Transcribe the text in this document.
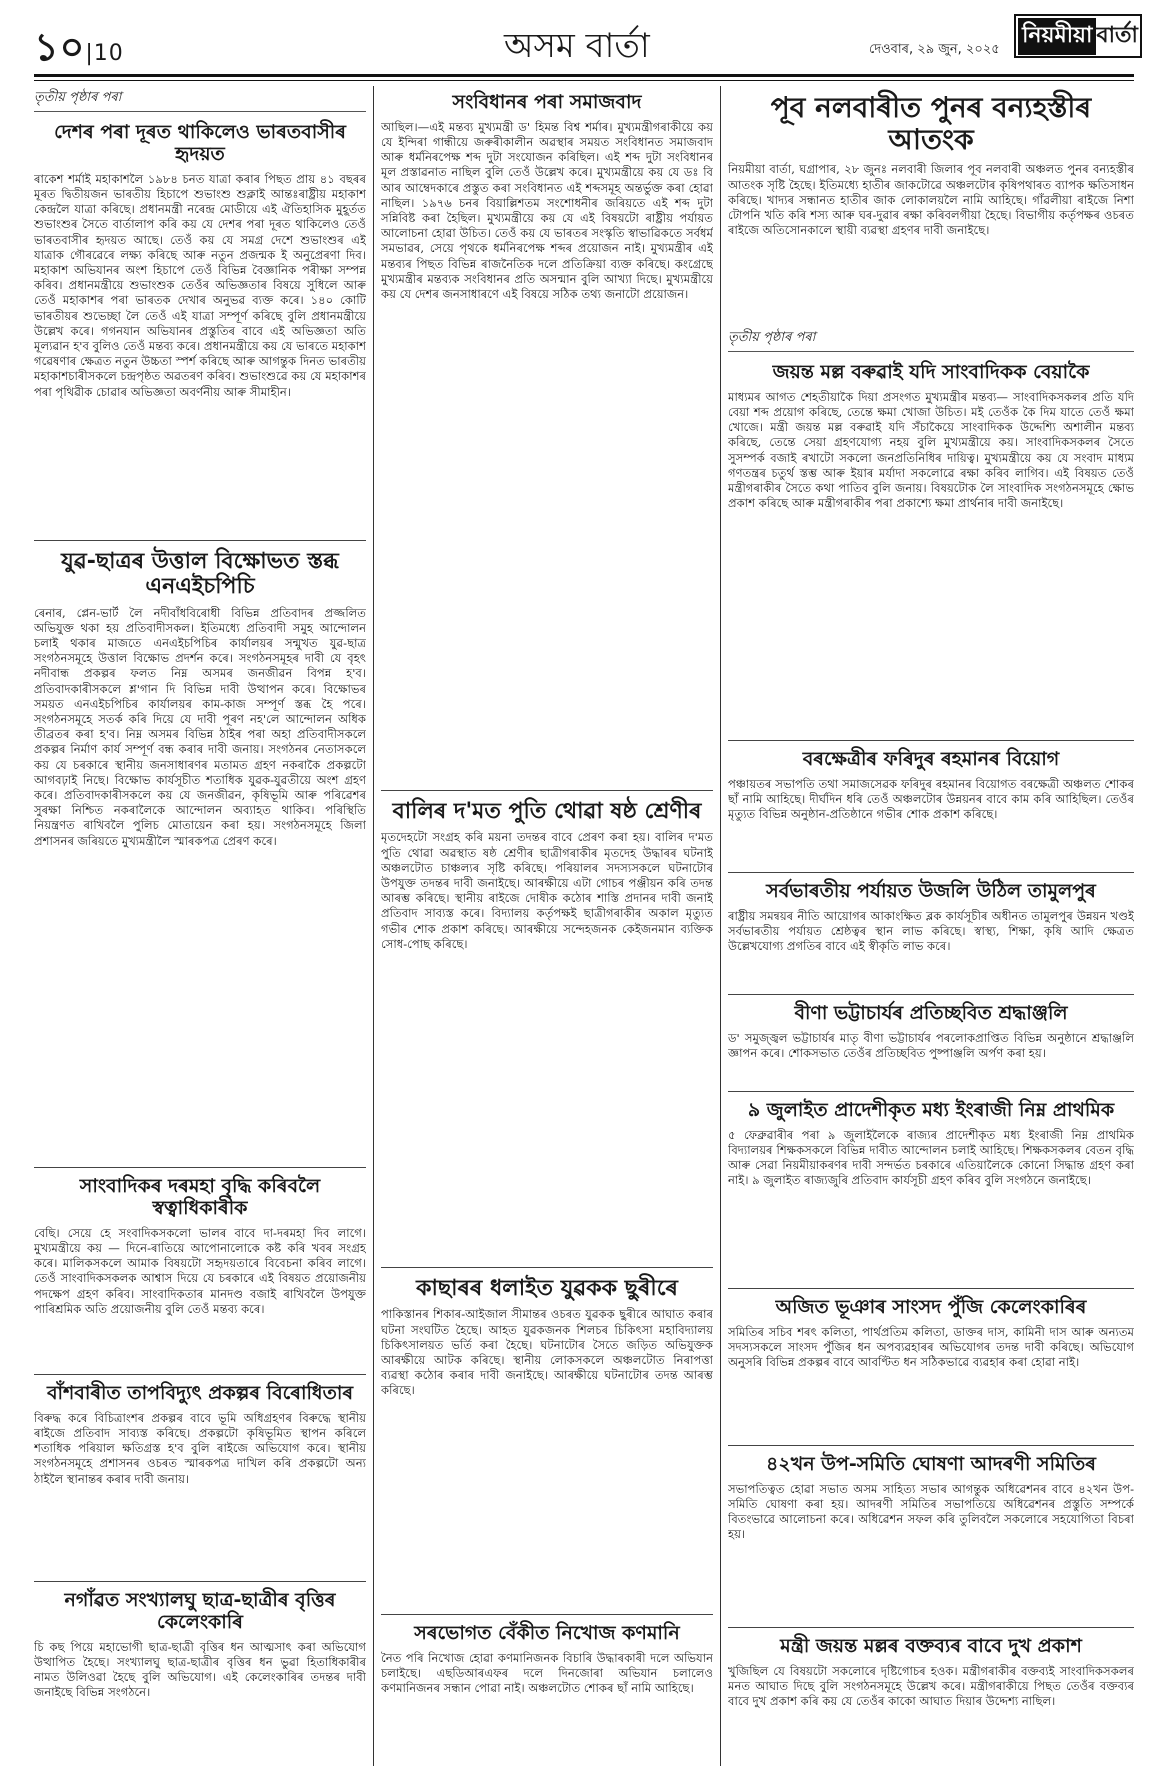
১০|10	অসম বাৰ্তা	দেওবাৰ, ২৯ জুন, ২০২৫
নিয়মীয়া বাৰ্তা
তৃতীয় পৃষ্ঠাৰ পৰা
দেশৰ পৰা দূৰত থাকিলেও ভাৰতবাসীৰ হৃদয়ত

ৰাকেশ শৰ্মাই মহাকাশলৈ ১৯৮৪ চনত যাত্ৰা কৰাৰ পিছত প্ৰায় ৪১ বছৰৰ মূৰত দ্বিতীয়জন ভাৰতীয় হিচাপে শুভাংশু শুক্লাই আন্তঃৰাষ্ট্ৰীয় মহাকাশ কেন্দ্ৰলৈ যাত্ৰা কৰিছে। প্ৰধানমন্ত্ৰী নৰেন্দ্ৰ মোডীয়ে এই ঐতিহাসিক মুহূৰ্তত শুভাংশুৰ সৈতে বাৰ্তালাপ কৰি কয় যে দেশৰ পৰা দূৰত থাকিলেও তেওঁ ভাৰতবাসীৰ হৃদয়ত আছে। তেওঁ কয় যে সমগ্ৰ দেশে শুভাংশুৰ এই যাত্ৰাক গৌৰৱেৰে লক্ষ্য কৰিছে আৰু নতুন প্ৰজন্মক ই অনুপ্ৰেৰণা দিব। মহাকাশ অভিযানৰ অংশ হিচাপে তেওঁ বিভিন্ন বৈজ্ঞানিক পৰীক্ষা সম্পন্ন কৰিব। প্ৰধানমন্ত্ৰীয়ে শুভাংশুক তেওঁৰ অভিজ্ঞতাৰ বিষয়ে সুধিলে আৰু তেওঁ মহাকাশৰ পৰা ভাৰতক দেখাৰ অনুভৱ ব্যক্ত কৰে। ১৪০ কোটি ভাৰতীয়ৰ শুভেচ্ছা লৈ তেওঁ এই যাত্ৰা সম্পূৰ্ণ কৰিছে বুলি প্ৰধানমন্ত্ৰীয়ে উল্লেখ কৰে। গগনযান অভিযানৰ প্ৰস্তুতিৰ বাবে এই অভিজ্ঞতা অতি মূল্যৱান হ'ব বুলিও তেওঁ মন্তব্য কৰে। প্ৰধানমন্ত্ৰীয়ে কয় যে ভাৰতে মহাকাশ গৱেষণাৰ ক্ষেত্ৰত নতুন উচ্চতা স্পৰ্শ কৰিছে আৰু আগন্তুক দিনত ভাৰতীয় মহাকাশচাৰীসকলে চন্দ্ৰপৃষ্ঠত অৱতৰণ কৰিব। শুভাংশুৱে কয় যে মহাকাশৰ পৰা পৃথিৱীক চোৱাৰ অভিজ্ঞতা অবৰ্ণনীয় আৰু সীমাহীন।

যুৱ-ছাত্ৰৰ উত্তাল বিক্ষোভত স্তব্ধ এনএইচপিচি

ৰেনাৰ, প্লেন-ভাৰ্ট লৈ নদীবাঁধবিৰোধী বিভিন্ন প্ৰতিবাদৰ প্ৰজ্জলিত অভিযুক্ত থকা হয় প্ৰতিবাদীসকল। ইতিমধ্যে প্ৰতিবাদী সমুহ আন্দোলন চলাই থকাৰ মাজতে এনএইচপিচিৰ কাৰ্যালয়ৰ সন্মুখত যুৱ-ছাত্ৰ সংগঠনসমূহে উত্তাল বিক্ষোভ প্ৰদৰ্শন কৰে। সংগঠনসমূহৰ দাবী যে বৃহৎ নদীবান্ধ প্ৰকল্পৰ ফলত নিম্ন অসমৰ জনজীৱন বিপন্ন হ'ব। প্ৰতিবাদকাৰীসকলে শ্ল'গান দি বিভিন্ন দাবী উত্থাপন কৰে। বিক্ষোভৰ সময়ত এনএইচপিচিৰ কাৰ্যালয়ৰ কাম-কাজ সম্পূৰ্ণ স্তব্ধ হৈ পৰে। সংগঠনসমূহে সতৰ্ক কৰি দিয়ে যে দাবী পূৰণ নহ'লে আন্দোলন অধিক তীব্ৰতৰ কৰা হ'ব। নিম্ন অসমৰ বিভিন্ন ঠাইৰ পৰা অহা প্ৰতিবাদীসকলে প্ৰকল্পৰ নিৰ্মাণ কাৰ্য সম্পূৰ্ণ বন্ধ কৰাৰ দাবী জনায়। সংগঠনৰ নেতাসকলে কয় যে চৰকাৰে স্থানীয় জনসাধাৰণৰ মতামত গ্ৰহণ নকৰাকৈ প্ৰকল্পটো আগবঢ়াই নিছে। বিক্ষোভ কাৰ্যসূচীত শতাধিক যুৱক-যুৱতীয়ে অংশ গ্ৰহণ কৰে। প্ৰতিবাদকাৰীসকলে কয় যে জনজীৱন, কৃষিভূমি আৰু পৰিৱেশৰ সুৰক্ষা নিশ্চিত নকৰালৈকে আন্দোলন অব্যাহত থাকিব। পৰিস্থিতি নিয়ন্ত্ৰণত ৰাখিবলৈ পুলিচ মোতায়েন কৰা হয়। সংগঠনসমূহে জিলা প্ৰশাসনৰ জৰিয়তে মুখ্যমন্ত্ৰীলৈ স্মাৰকপত্ৰ প্ৰেৰণ কৰে।

সাংবাদিকৰ দৰমহা বৃদ্ধি কৰিবলৈ স্বত্বাধিকাৰীক

বেছি। সেয়ে হে সংবাদিকসকলো ভালৰ বাবে দা-দৰমহা দিব লাগে। মুখ্যমন্ত্ৰীয়ে কয় — দিনে-ৰাতিয়ে আপোনালোকে কষ্ট কৰি খবৰ সংগ্ৰহ কৰে। মালিকসকলে আমাক বিষয়টো সহৃদয়তাৰে বিবেচনা কৰিব লাগে। তেওঁ সাংবাদিকসকলক আশ্বাস দিয়ে যে চৰকাৰে এই বিষয়ত প্ৰয়োজনীয় পদক্ষেপ গ্ৰহণ কৰিব। সাংবাদিকতাৰ মানদণ্ড বজাই ৰাখিবলৈ উপযুক্ত পাৰিশ্ৰমিক অতি প্ৰয়োজনীয় বুলি তেওঁ মন্তব্য কৰে।

বাঁশবাৰীত তাপবিদ্যুৎ প্ৰকল্পৰ বিৰোধিতাৰ

বিৰুদ্ধ কৰে বিচিত্ৰাংশৰ প্ৰকল্পৰ বাবে ভূমি অধিগ্ৰহণৰ বিৰুদ্ধে স্থানীয় ৰাইজে প্ৰতিবাদ সাব্যস্ত কৰিছে। প্ৰকল্পটো কৃষিভূমিত স্থাপন কৰিলে শতাধিক পৰিয়াল ক্ষতিগ্ৰস্ত হ'ব বুলি ৰাইজে অভিযোগ কৰে। স্থানীয় সংগঠনসমূহে প্ৰশাসনৰ ওচৰত স্মাৰকপত্ৰ দাখিল কৰি প্ৰকল্পটো অন্য ঠাইলৈ স্থানান্তৰ কৰাৰ দাবী জনায়।

নগাঁৱত সংখ্যালঘু ছাত্ৰ-ছাত্ৰীৰ বৃত্তিৰ কেলেংকাৰি

চি কছ পিয়ে মহাভোগী ছাত্ৰ-ছাত্ৰী বৃত্তিৰ ধন আত্মসাৎ কৰা অভিযোগ উত্থাপিত হৈছে। সংখ্যালঘু ছাত্ৰ-ছাত্ৰীৰ বৃত্তিৰ ধন ভুৱা হিতাধিকাৰীৰ নামত উলিওৱা হৈছে বুলি অভিযোগ। এই কেলেংকাৰিৰ তদন্তৰ দাবী জনাইছে বিভিন্ন সংগঠনে।

সংবিধানৰ পৰা সমাজবাদ

আছিল।—এই মন্তব্য মুখ্যমন্ত্ৰী ড' হিমন্ত বিশ্ব শৰ্মাৰ। মুখ্যমন্ত্ৰীগৰাকীয়ে কয় যে ইন্দিৰা গান্ধীয়ে জৰুৰীকালীন অৱস্থাৰ সময়ত সংবিধানত সমাজবাদ আৰু ধৰ্মনিৰপেক্ষ শব্দ দুটা সংযোজন কৰিছিল। এই শব্দ দুটা সংবিধানৰ মূল প্ৰস্তাৱনাত নাছিল বুলি তেওঁ উল্লেখ কৰে। মুখ্যমন্ত্ৰীয়ে কয় যে ডঃ বি আৰ আম্বেদকাৰে প্ৰস্তুত কৰা সংবিধানত এই শব্দসমূহ অন্তৰ্ভুক্ত কৰা হোৱা নাছিল। ১৯৭৬ চনৰ বিয়াল্লিশতম সংশোধনীৰ জৰিয়তে এই শব্দ দুটা সন্নিবিষ্ট কৰা হৈছিল। মুখ্যমন্ত্ৰীয়ে কয় যে এই বিষয়টো ৰাষ্ট্ৰীয় পৰ্যায়ত আলোচনা হোৱা উচিত। তেওঁ কয় যে ভাৰতৰ সংস্কৃতি স্বাভাৱিকতে সৰ্বধৰ্ম সমভাৱৰ, সেয়ে পৃথকে ধৰ্মনিৰপেক্ষ শব্দৰ প্ৰয়োজন নাই। মুখ্যমন্ত্ৰীৰ এই মন্তব্যৰ পিছত বিভিন্ন ৰাজনৈতিক দলে প্ৰতিক্ৰিয়া ব্যক্ত কৰিছে। কংগ্ৰেছে মুখ্যমন্ত্ৰীৰ মন্তব্যক সংবিধানৰ প্ৰতি অসন্মান বুলি আখ্যা দিছে। মুখ্যমন্ত্ৰীয়ে কয় যে দেশৰ জনসাধাৰণে এই বিষয়ে সঠিক তথ্য জনাটো প্ৰয়োজন।

বালিৰ দ'মত পুতি থোৱা ষষ্ঠ শ্ৰেণীৰ

মৃতদেহটো সংগ্ৰহ কৰি ময়না তদন্তৰ বাবে প্ৰেৰণ কৰা হয়। বালিৰ দ'মত পুতি থোৱা অৱস্থাত ষষ্ঠ শ্ৰেণীৰ ছাত্ৰীগৰাকীৰ মৃতদেহ উদ্ধাৰৰ ঘটনাই অঞ্চলটোত চাঞ্চল্যৰ সৃষ্টি কৰিছে। পৰিয়ালৰ সদস্যসকলে ঘটনাটোৰ উপযুক্ত তদন্তৰ দাবী জনাইছে। আৰক্ষীয়ে এটা গোচৰ পঞ্জীয়ন কৰি তদন্ত আৰম্ভ কৰিছে। স্থানীয় ৰাইজে দোষীক কঠোৰ শাস্তি প্ৰদানৰ দাবী জনাই প্ৰতিবাদ সাব্যস্ত কৰে। বিদ্যালয় কৰ্তৃপক্ষই ছাত্ৰীগৰাকীৰ অকাল মৃত্যুত গভীৰ শোক প্ৰকাশ কৰিছে। আৰক্ষীয়ে সন্দেহজনক কেইজনমান ব্যক্তিক সোধ-পোছ কৰিছে।

কাছাৰৰ ধলাইত যুৱকক ছুৰীৰে

পাকিস্তানৰ শিকাৰ-আইজাল সীমান্তৰ ওচৰত যুৱকক ছুৰীৰে আঘাত কৰাৰ ঘটনা সংঘটিত হৈছে। আহত যুৱকজনক শিলচৰ চিকিৎসা মহাবিদ্যালয় চিকিৎসালয়ত ভৰ্তি কৰা হৈছে। ঘটনাটোৰ সৈতে জড়িত অভিযুক্তক আৰক্ষীয়ে আটক কৰিছে। স্থানীয় লোকসকলে অঞ্চলটোত নিৰাপত্তা ব্যৱস্থা কঠোৰ কৰাৰ দাবী জনাইছে। আৰক্ষীয়ে ঘটনাটোৰ তদন্ত আৰম্ভ কৰিছে।

সৰভোগত বেঁকীত নিখোজ কণমানি

নৈত পৰি নিখোজ হোৱা কণমানিজনক বিচাৰি উদ্ধাৰকাৰী দলে অভিযান চলাইছে। এছডিআৰএফৰ দলে দিনজোৰা অভিযান চলালেও কণমানিজনৰ সন্ধান পোৱা নাই। অঞ্চলটোত শোকৰ ছাঁ নামি আহিছে।

পূব নলবাৰীত পুনৰ বন্যহস্তীৰ আতংক

নিয়মীয়া বাৰ্তা, ঘগ্ৰাপাৰ, ২৮ জুনঃ নলবাৰী জিলাৰ পূব নলবাৰী অঞ্চলত পুনৰ বন্যহস্তীৰ আতংক সৃষ্টি হৈছে। ইতিমধ্যে হাতীৰ জাকটোৱে অঞ্চলটোৰ কৃষিপথাৰত ব্যাপক ক্ষতিসাধন কৰিছে। খাদ্যৰ সন্ধানত হাতীৰ জাক লোকালয়লৈ নামি আহিছে। গাঁৱলীয়া ৰাইজে নিশা টোপনি খতি কৰি শস্য আৰু ঘৰ-দুৱাৰ ৰক্ষা কৰিবলগীয়া হৈছে। বিভাগীয় কৰ্তৃপক্ষৰ ওচৰত ৰাইজে অতিসোনকালে স্থায়ী ব্যৱস্থা গ্ৰহণৰ দাবী জনাইছে।

তৃতীয় পৃষ্ঠাৰ পৰা
জয়ন্ত মল্ল বৰুৱাই যদি সাংবাদিকক বেয়াকৈ

মাধ্যমৰ আগত শেহতীয়াকৈ দিয়া প্ৰসংগত মুখ্যমন্ত্ৰীৰ মন্তব্য— সাংবাদিকসকলৰ প্ৰতি যদি বেয়া শব্দ প্ৰয়োগ কৰিছে, তেন্তে ক্ষমা খোজা উচিত। মই তেওঁক কৈ দিম যাতে তেওঁ ক্ষমা খোজে। মন্ত্ৰী জয়ন্ত মল্ল বৰুৱাই যদি সঁচাকৈয়ে সাংবাদিকক উদ্দেশ্যি অশালীন মন্তব্য কৰিছে, তেন্তে সেয়া গ্ৰহণযোগ্য নহয় বুলি মুখ্যমন্ত্ৰীয়ে কয়। সাংবাদিকসকলৰ সৈতে সুসম্পৰ্ক বজাই ৰখাটো সকলো জনপ্ৰতিনিধিৰ দায়িত্ব। মুখ্যমন্ত্ৰীয়ে কয় যে সংবাদ মাধ্যম গণতন্ত্ৰৰ চতুৰ্থ স্তম্ভ আৰু ইয়াৰ মৰ্যাদা সকলোৱে ৰক্ষা কৰিব লাগিব। এই বিষয়ত তেওঁ মন্ত্ৰীগৰাকীৰ সৈতে কথা পাতিব বুলি জনায়। বিষয়টোক লৈ সাংবাদিক সংগঠনসমূহে ক্ষোভ প্ৰকাশ কৰিছে আৰু মন্ত্ৰীগৰাকীৰ পৰা প্ৰকাশ্যে ক্ষমা প্ৰাৰ্থনাৰ দাবী জনাইছে।

বৰক্ষেত্ৰীৰ ফৰিদুৰ ৰহমানৰ বিয়োগ

পঞ্চায়তৰ সভাপতি তথা সমাজসেৱক ফৰিদুৰ ৰহমানৰ বিয়োগত বৰক্ষেত্ৰী অঞ্চলত শোকৰ ছাঁ নামি আহিছে। দীৰ্ঘদিন ধৰি তেওঁ অঞ্চলটোৰ উন্নয়নৰ বাবে কাম কৰি আহিছিল। তেওঁৰ মৃত্যুত বিভিন্ন অনুষ্ঠান-প্ৰতিষ্ঠানে গভীৰ শোক প্ৰকাশ কৰিছে।

সৰ্বভাৰতীয় পৰ্যায়ত উজলি উঠিল তামুলপুৰ

ৰাষ্ট্ৰীয় সমন্বয়ৰ নীতি আয়োগৰ আকাংক্ষিত ব্লক কাৰ্যসূচীৰ অধীনত তামুলপুৰ উন্নয়ন খণ্ডই সৰ্বভাৰতীয় পৰ্যায়ত শ্ৰেষ্ঠত্বৰ স্থান লাভ কৰিছে। স্বাস্থ্য, শিক্ষা, কৃষি আদি ক্ষেত্ৰত উল্লেখযোগ্য প্ৰগতিৰ বাবে এই স্বীকৃতি লাভ কৰে।

বীণা ভট্টাচাৰ্যৰ প্ৰতিচ্ছবিত শ্ৰদ্ধাঞ্জলি

ড' সমুজ্জ্বল ভট্টাচাৰ্যৰ মাতৃ বীণা ভট্টাচাৰ্যৰ পৰলোকপ্ৰাপ্তিত বিভিন্ন অনুষ্ঠানে শ্ৰদ্ধাঞ্জলি জ্ঞাপন কৰে। শোকসভাত তেওঁৰ প্ৰতিচ্ছবিত পুষ্পাঞ্জলি অৰ্পণ কৰা হয়।

৯ জুলাইত প্ৰাদেশীকৃত মধ্য ইংৰাজী নিম্ন প্ৰাথমিক

৫ ফেব্ৰুৱাৰীৰ পৰা ৯ জুলাইলৈকে ৰাজ্যৰ প্ৰাদেশীকৃত মধ্য ইংৰাজী নিম্ন প্ৰাথমিক বিদ্যালয়ৰ শিক্ষকসকলে বিভিন্ন দাবীত আন্দোলন চলাই আহিছে। শিক্ষকসকলৰ বেতন বৃদ্ধি আৰু সেৱা নিয়মীয়াকৰণৰ দাবী সন্দৰ্ভত চৰকাৰে এতিয়ালৈকে কোনো সিদ্ধান্ত গ্ৰহণ কৰা নাই। ৯ জুলাইত ৰাজ্যজুৰি প্ৰতিবাদ কাৰ্যসূচী গ্ৰহণ কৰিব বুলি সংগঠনে জনাইছে।

অজিত ভূঞাৰ সাংসদ পুঁজি কেলেংকাৰিৰ

সমিতিৰ সচিব শৰৎ কলিতা, পাৰ্থপ্ৰতিম কলিতা, ডাক্তৰ দাস, কামিনী দাস আৰু অন্যতম সদস্যসকলে সাংসদ পুঁজিৰ ধন অপব্যৱহাৰৰ অভিযোগৰ তদন্ত দাবী কৰিছে। অভিযোগ অনুসৰি বিভিন্ন প্ৰকল্পৰ বাবে আবণ্টিত ধন সঠিকভাৱে ব্যৱহাৰ কৰা হোৱা নাই।

৪২খন উপ-সমিতি ঘোষণা আদৰণী সমিতিৰ

সভাপতিত্বত হোৱা সভাত অসম সাহিত্য সভাৰ আগন্তুক অধিৱেশনৰ বাবে ৪২খন উপ-সমিতি ঘোষণা কৰা হয়। আদৰণী সমিতিৰ সভাপতিয়ে অধিৱেশনৰ প্ৰস্তুতি সম্পৰ্কে বিতংভাৱে আলোচনা কৰে। অধিৱেশন সফল কৰি তুলিবলৈ সকলোৰে সহযোগিতা বিচৰা হয়।

মন্ত্ৰী জয়ন্ত মল্লৰ বক্তব্যৰ বাবে দুখ প্ৰকাশ

খুজিছিল যে বিষয়টো সকলোৰে দৃষ্টিগোচৰ হওক। মন্ত্ৰীগৰাকীৰ বক্তব্যই সাংবাদিকসকলৰ মনত আঘাত দিছে বুলি সংগঠনসমূহে উল্লেখ কৰে। মন্ত্ৰীগৰাকীয়ে পিছত তেওঁৰ বক্তব্যৰ বাবে দুখ প্ৰকাশ কৰি কয় যে তেওঁৰ কাকো আঘাত দিয়াৰ উদ্দেশ্য নাছিল।
